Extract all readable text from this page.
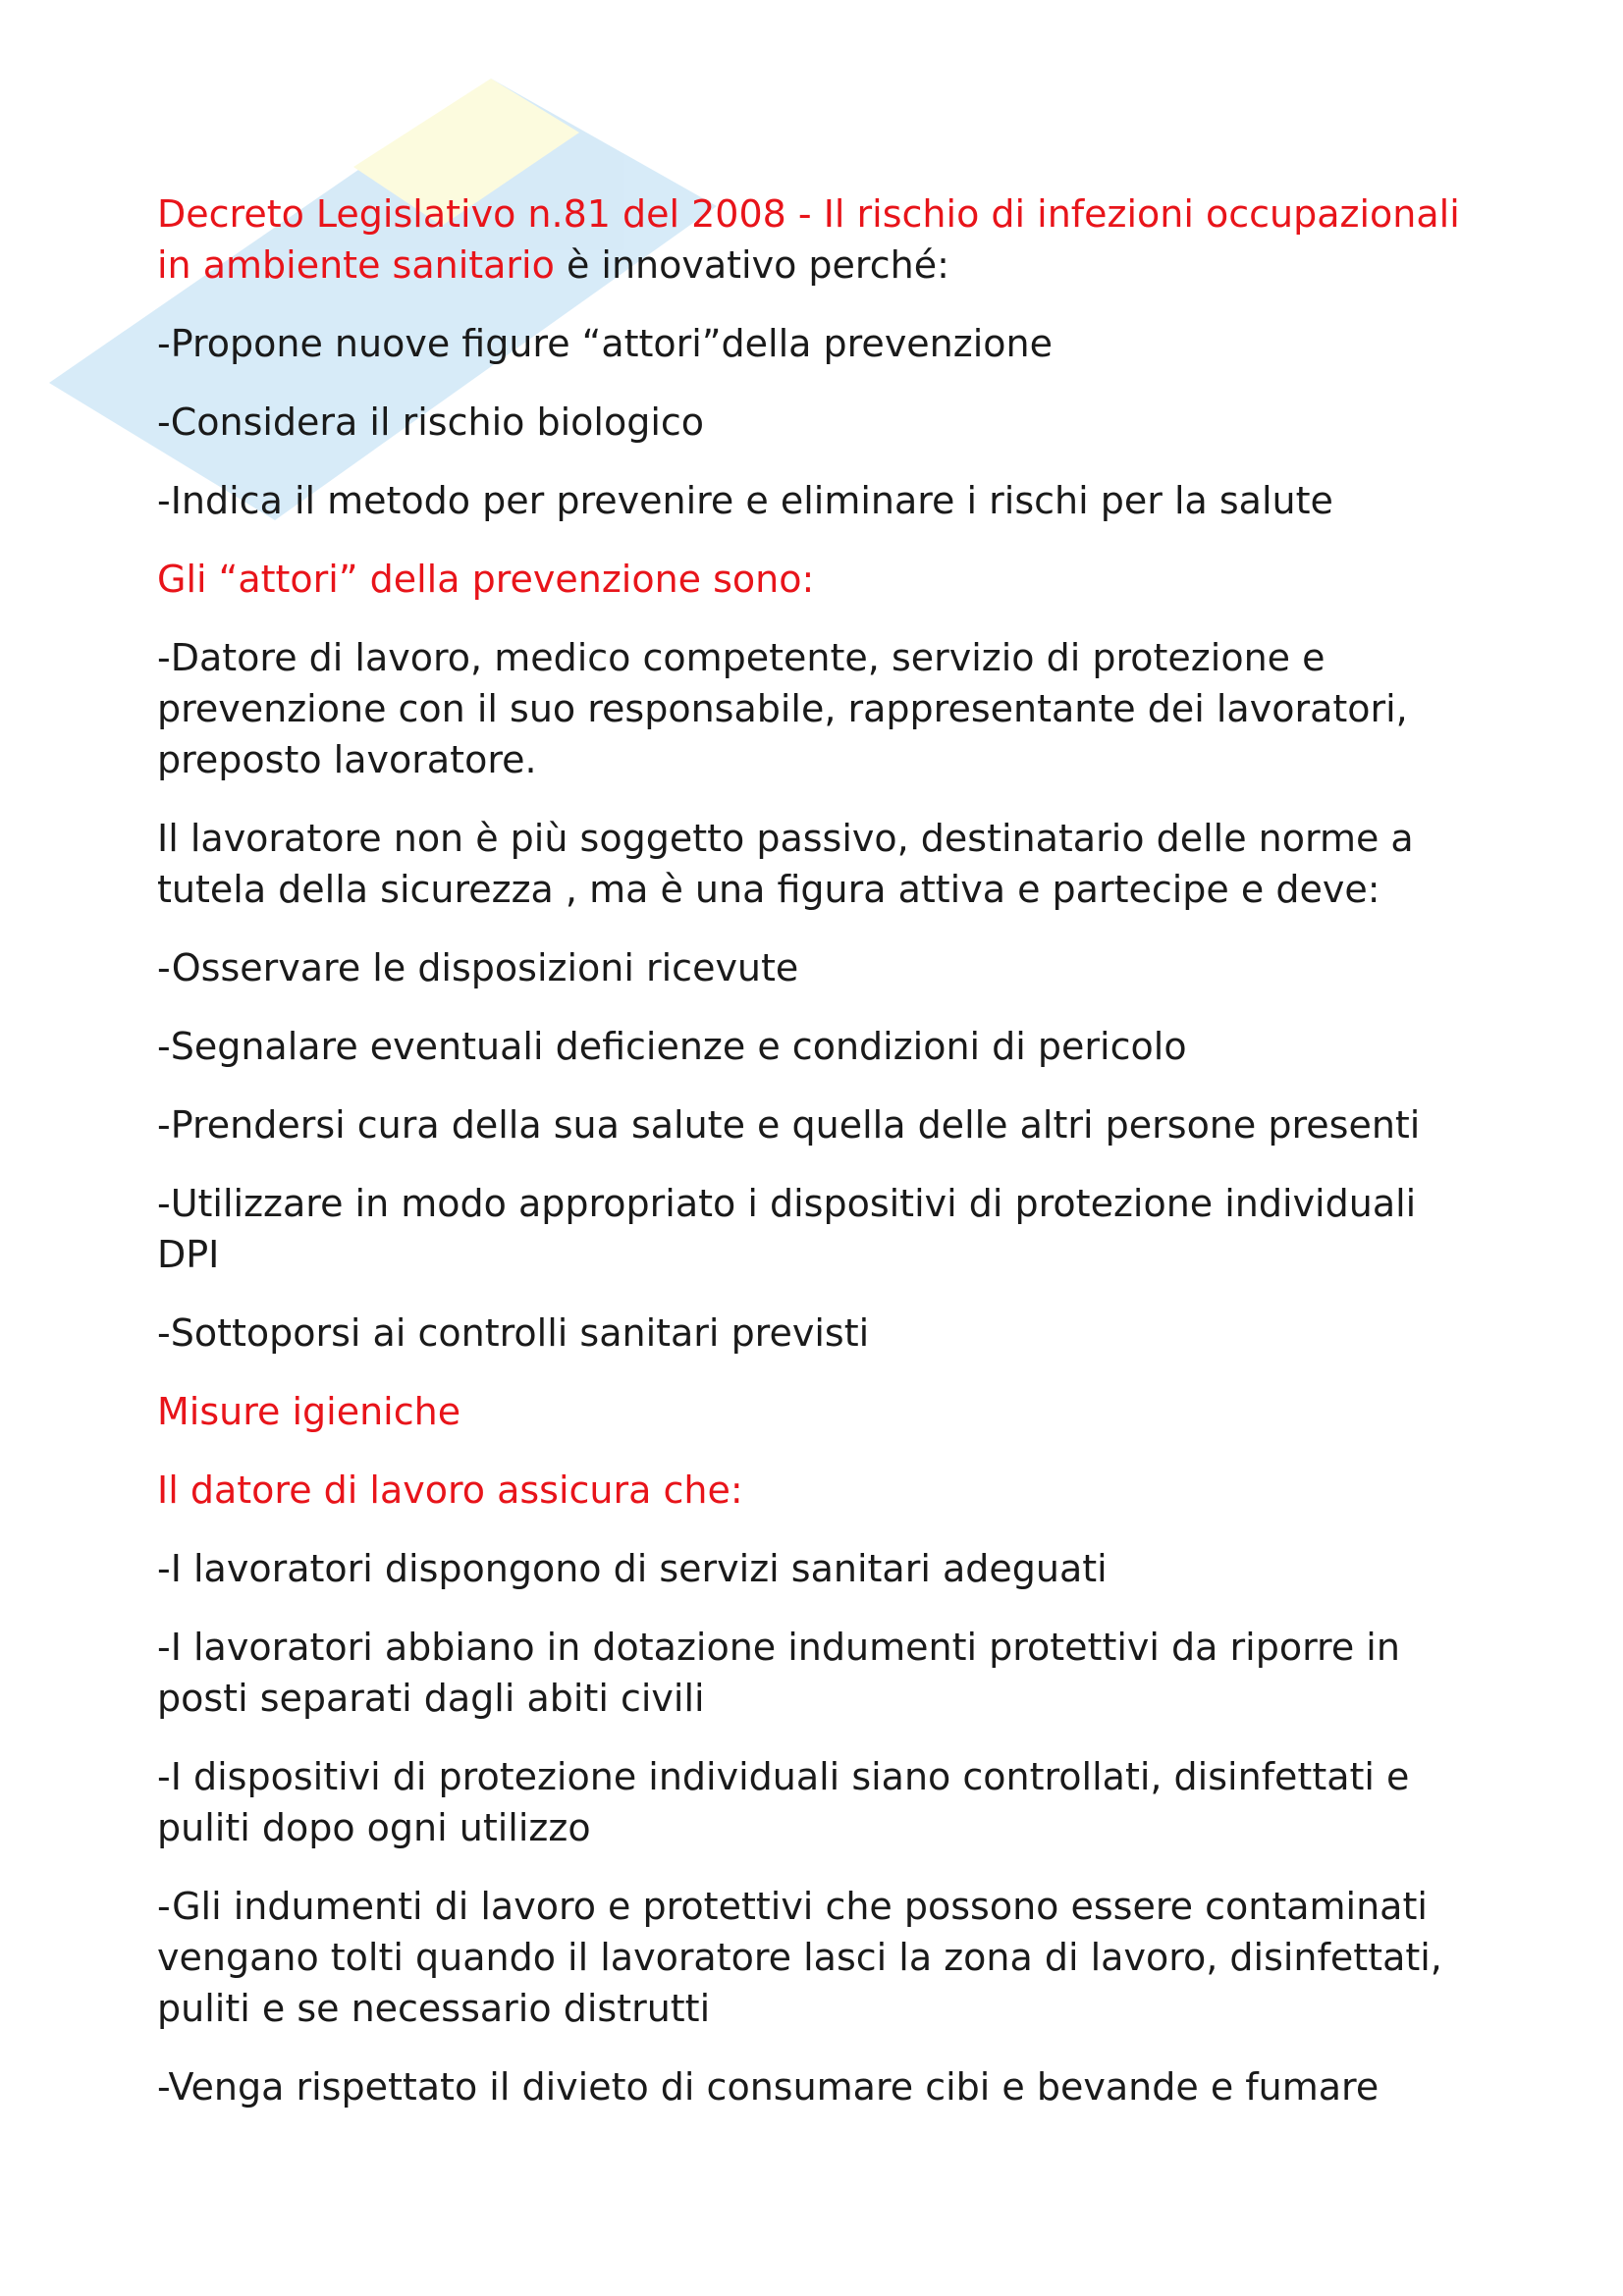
Decreto Legislativo n.81 del 2008 - Il rischio di infezioni occupazionali in ambiente sanitario è innovativo perché:

-Propone nuove figure “attori”della prevenzione

-Considera il rischio biologico

-Indica il metodo per prevenire e eliminare i rischi per la salute

Gli “attori” della prevenzione sono:

-Datore di lavoro, medico competente, servizio di protezione e prevenzione con il suo responsabile, rappresentante dei lavoratori, preposto lavoratore.

Il lavoratore non è più soggetto passivo, destinatario delle norme a tutela della sicurezza , ma è una figura attiva e partecipe e deve:

-Osservare le disposizioni ricevute

-Segnalare eventuali deficienze e condizioni di pericolo

-Prendersi cura della sua salute e quella delle altri persone presenti

-Utilizzare in modo appropriato i dispositivi di protezione individuali DPI

-Sottoporsi ai controlli sanitari previsti

Misure igieniche

Il datore di lavoro assicura che:

-I lavoratori dispongono di servizi sanitari adeguati

-I lavoratori abbiano in dotazione indumenti protettivi da riporre in posti separati dagli abiti civili

-I dispositivi di protezione individuali siano controllati, disinfettati e puliti dopo ogni utilizzo

-Gli indumenti di lavoro e protettivi che possono essere contaminati vengano tolti quando il lavoratore lasci la zona di lavoro, disinfettati, puliti e se necessario distrutti

-Venga rispettato il divieto di consumare cibi e bevande e fumare
